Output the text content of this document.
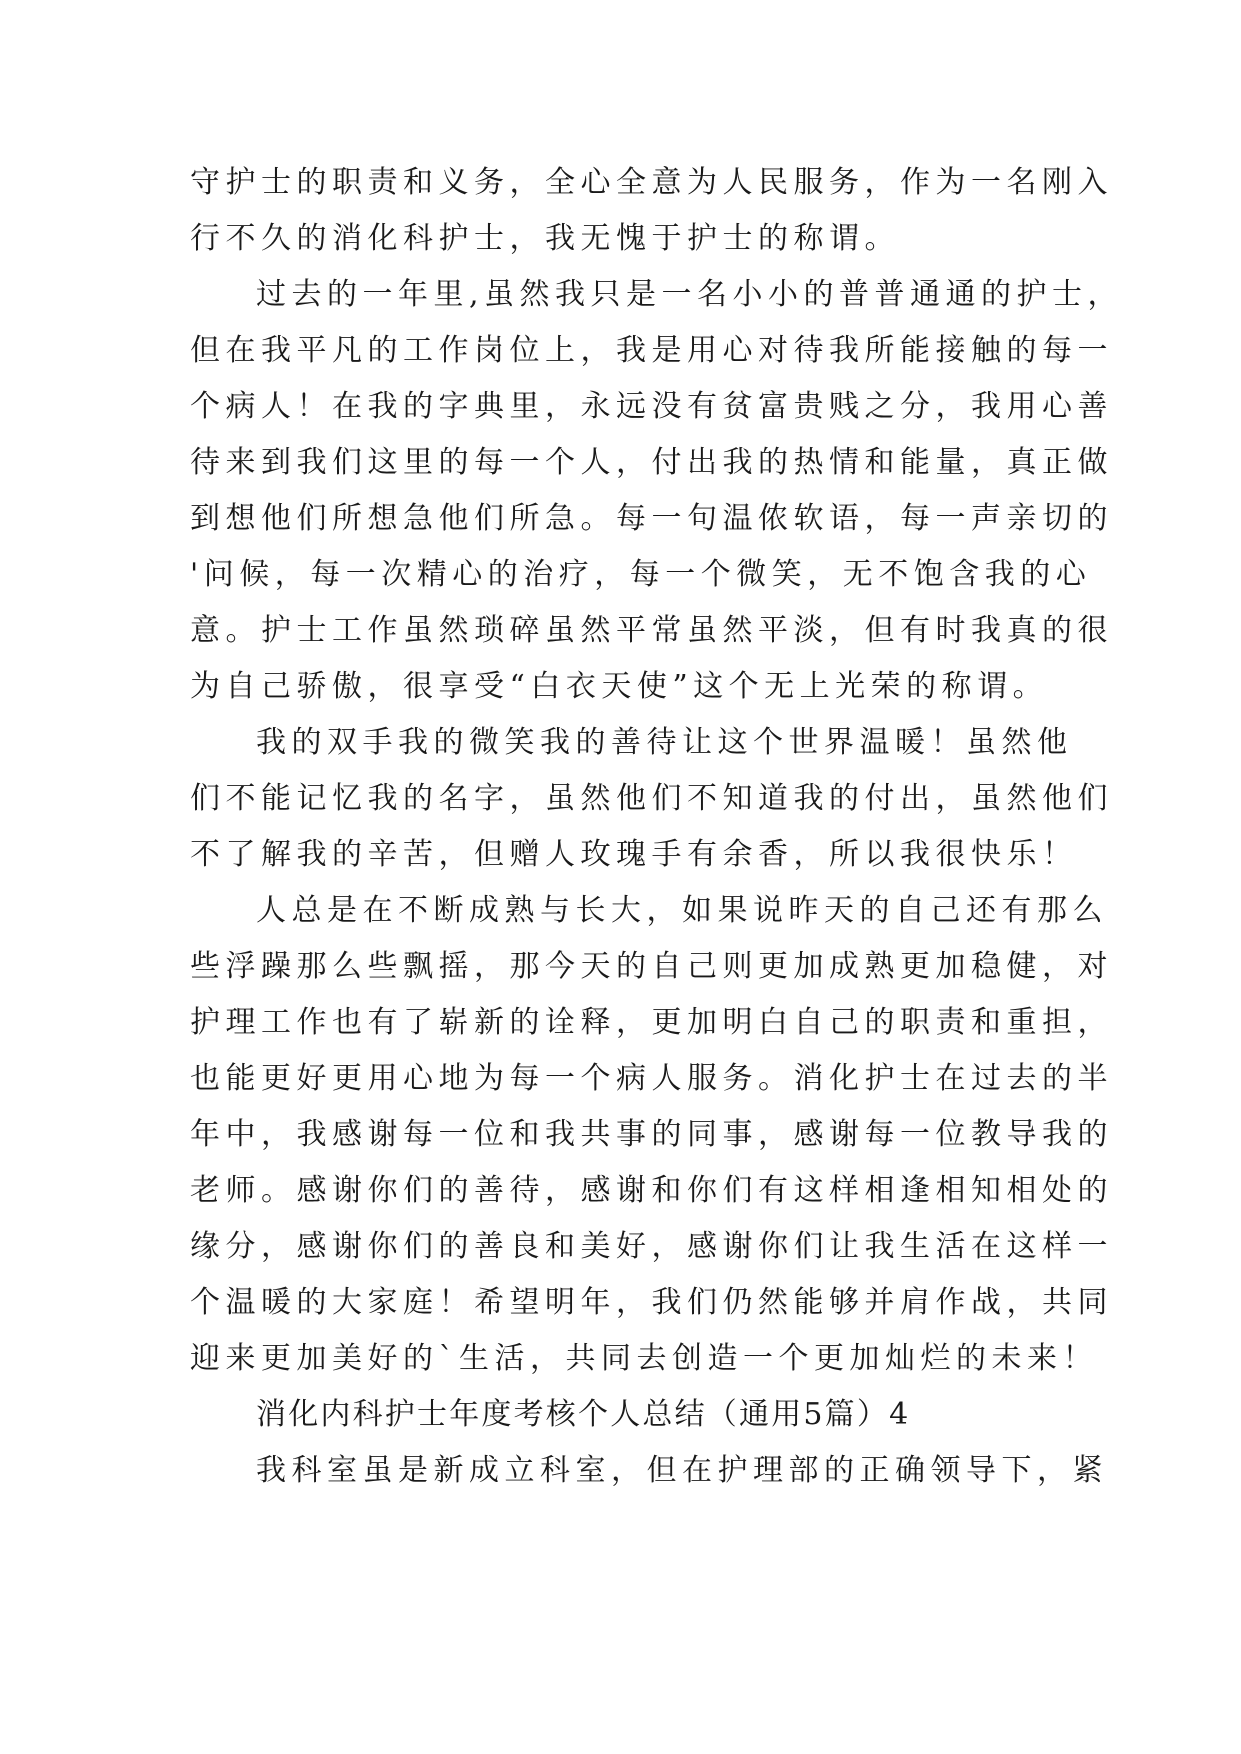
守护士的职责和义务，全心全意为人民服务，作为一名刚入
行不久的消化科护士，我无愧于护士的称谓。
过去的一年里,虽然我只是一名小小的普普通通的护士，
但在我平凡的工作岗位上，我是用心对待我所能接触的每一
个病人！在我的字典里，永远没有贫富贵贱之分，我用心善
待来到我们这里的每一个人，付出我的热情和能量，真正做
到想他们所想急他们所急。每一句温侬软语，每一声亲切的
'问候，每一次精心的治疗，每一个微笑，无不饱含我的心
意。护士工作虽然琐碎虽然平常虽然平淡，但有时我真的很
为自己骄傲，很享受“白衣天使”这个无上光荣的称谓。
我的双手我的微笑我的善待让这个世界温暖！虽然他
们不能记忆我的名字，虽然他们不知道我的付出，虽然他们
不了解我的辛苦，但赠人玫瑰手有余香，所以我很快乐！
人总是在不断成熟与长大，如果说昨天的自己还有那么
些浮躁那么些飘摇，那今天的自己则更加成熟更加稳健，对
护理工作也有了崭新的诠释，更加明白自己的职责和重担，
也能更好更用心地为每一个病人服务。消化护士在过去的半
年中，我感谢每一位和我共事的同事，感谢每一位教导我的
老师。感谢你们的善待，感谢和你们有这样相逢相知相处的
缘分，感谢你们的善良和美好，感谢你们让我生活在这样一
个温暖的大家庭！希望明年，我们仍然能够并肩作战，共同
迎来更加美好的`生活，共同去创造一个更加灿烂的未来！
消化内科护士年度考核个人总结（通用5篇）4
我科室虽是新成立科室，但在护理部的正确领导下，紧
